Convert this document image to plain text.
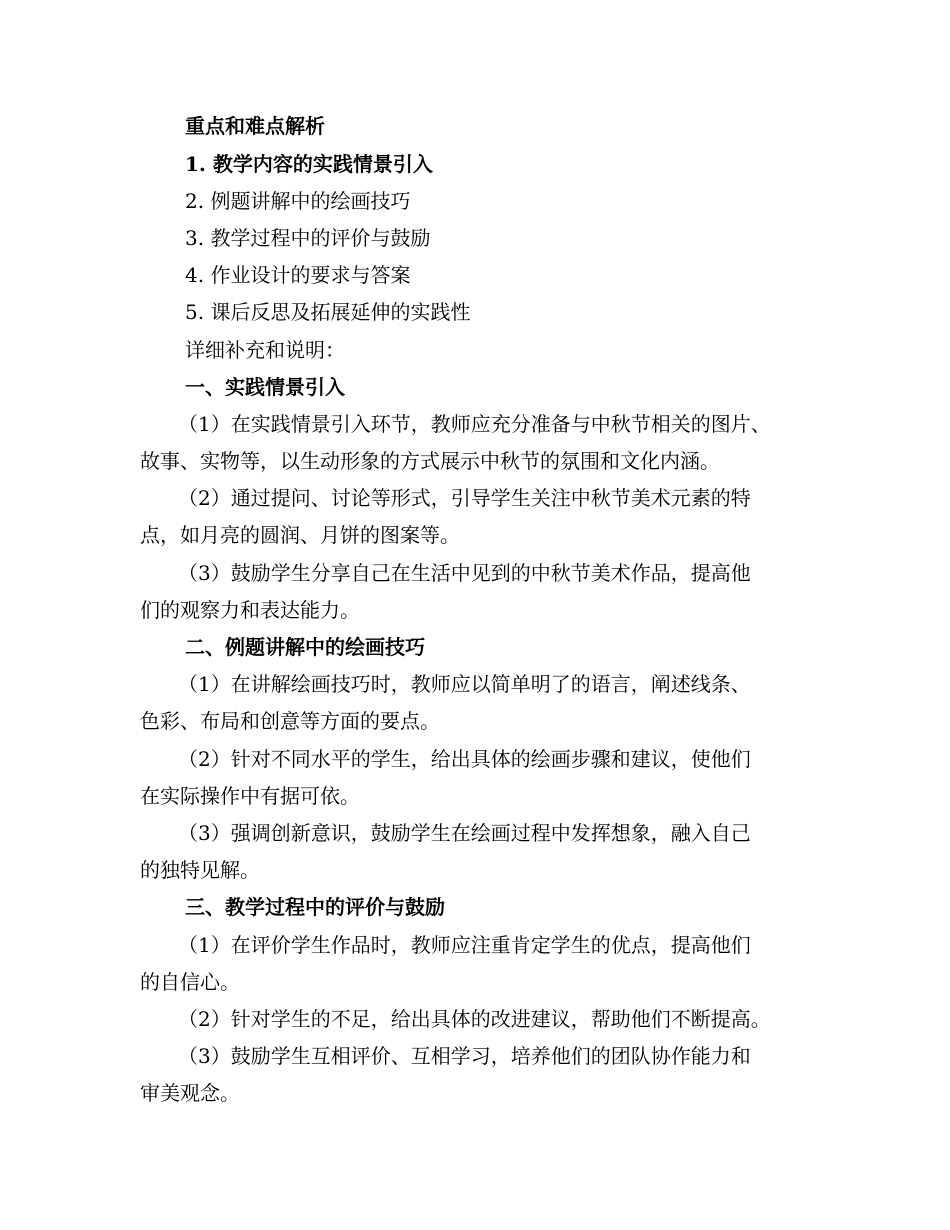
重点和难点解析
1. 教学内容的实践情景引入
2. 例题讲解中的绘画技巧
3. 教学过程中的评价与鼓励
4. 作业设计的要求与答案
5. 课后反思及拓展延伸的实践性
详细补充和说明：
一、实践情景引入
（1）在实践情景引入环节，教师应充分准备与中秋节相关的图片、
故事、实物等，以生动形象的方式展示中秋节的氛围和文化内涵。
（2）通过提问、讨论等形式，引导学生关注中秋节美术元素的特
点，如月亮的圆润、月饼的图案等。
（3）鼓励学生分享自己在生活中见到的中秋节美术作品，提高他
们的观察力和表达能力。
二、例题讲解中的绘画技巧
（1）在讲解绘画技巧时，教师应以简单明了的语言，阐述线条、
色彩、布局和创意等方面的要点。
（2）针对不同水平的学生，给出具体的绘画步骤和建议，使他们
在实际操作中有据可依。
（3）强调创新意识，鼓励学生在绘画过程中发挥想象，融入自己
的独特见解。
三、教学过程中的评价与鼓励
（1）在评价学生作品时，教师应注重肯定学生的优点，提高他们
的自信心。
（2）针对学生的不足，给出具体的改进建议，帮助他们不断提高。
（3）鼓励学生互相评价、互相学习，培养他们的团队协作能力和
审美观念。
